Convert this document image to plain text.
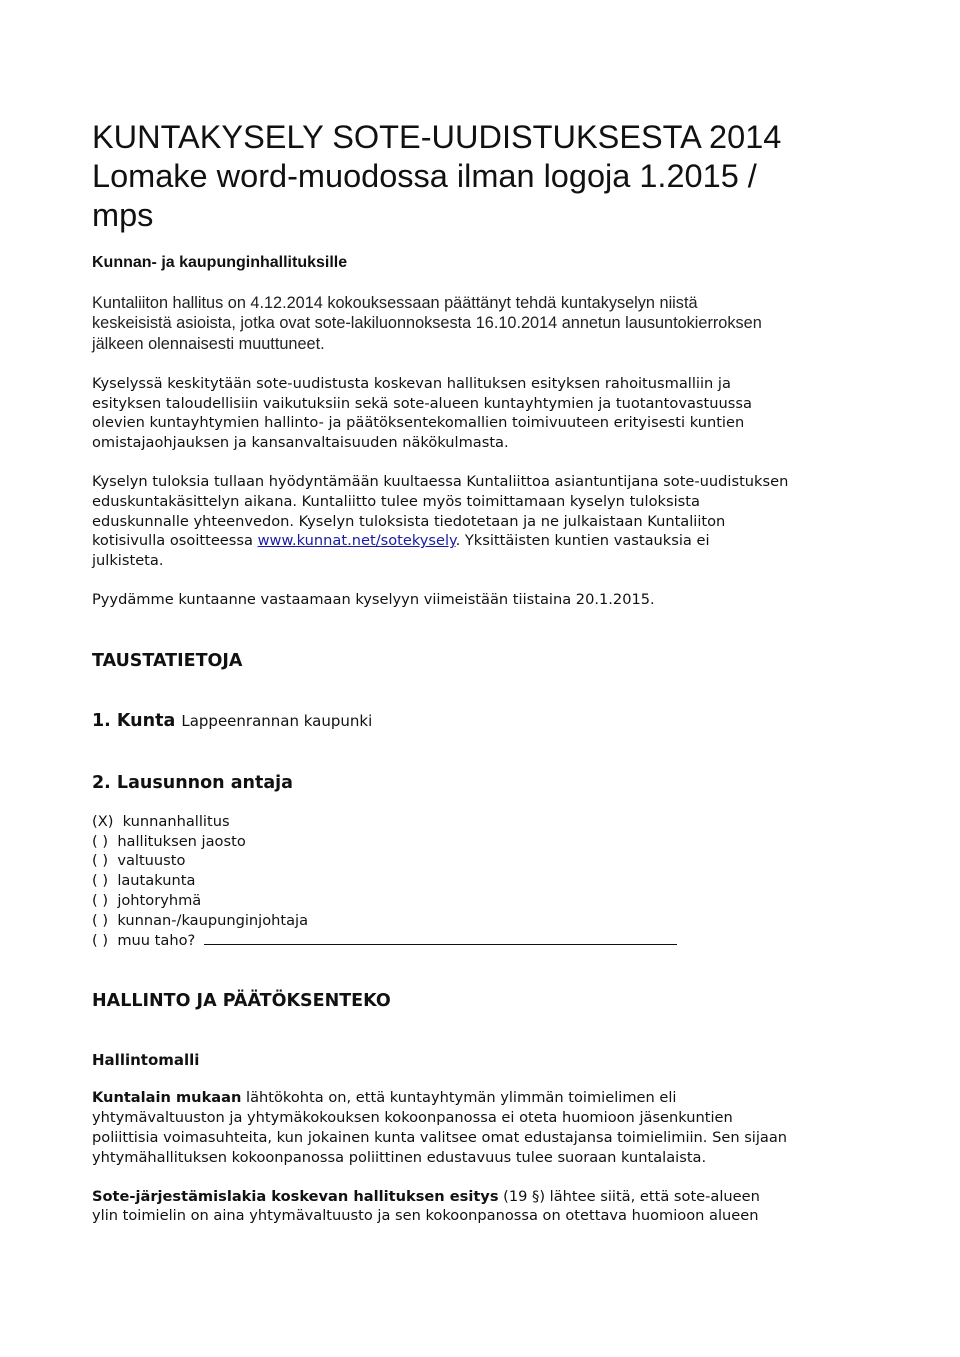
KUNTAKYSELY SOTE-UUDISTUKSESTA 2014
Lomake word-muodossa ilman logoja 1.2015 /
mps

Kunnan- ja kaupunginhallituksille

Kuntaliiton hallitus on 4.12.2014 kokouksessaan päättänyt tehdä kuntakyselyn niistä
keskeisistä asioista, jotka ovat sote-lakiluonnoksesta 16.10.2014 annetun lausuntokierroksen
jälkeen olennaisesti muuttuneet.

Kyselyssä keskitytään sote-uudistusta koskevan hallituksen esityksen rahoitusmalliin ja
esityksen taloudellisiin vaikutuksiin sekä sote-alueen kuntayhtymien ja tuotantovastuussa
olevien kuntayhtymien hallinto- ja päätöksentekomallien toimivuuteen erityisesti kuntien
omistajaohjauksen ja kansanvaltaisuuden näkökulmasta.

Kyselyn tuloksia tullaan hyödyntämään kuultaessa Kuntaliittoa asiantuntijana sote-uudistuksen
eduskuntakäsittelyn aikana. Kuntaliitto tulee myös toimittamaan kyselyn tuloksista
eduskunnalle yhteenvedon. Kyselyn tuloksista tiedotetaan ja ne julkaistaan Kuntaliiton
kotisivulla osoitteessa www.kunnat.net/sotekysely. Yksittäisten kuntien vastauksia ei
julkisteta.

Pyydämme kuntaanne vastaamaan kyselyyn viimeistään tiistaina 20.1.2015.

TAUSTATIETOJA

1. Kunta Lappeenrannan kaupunki

2. Lausunnon antaja
(X) kunnanhallitus
( ) hallituksen jaosto
( ) valtuusto
( ) lautakunta
( ) johtoryhmä
( ) kunnan-/kaupunginjohtaja
( ) muu taho?
HALLINTO JA PÄÄTÖKSENTEKO
Hallintomalli

Kuntalain mukaan lähtökohta on, että kuntayhtymän ylimmän toimielimen eli
yhtymävaltuuston ja yhtymäkokouksen kokoonpanossa ei oteta huomioon jäsenkuntien
poliittisia voimasuhteita, kun jokainen kunta valitsee omat edustajansa toimielimiin. Sen sijaan
yhtymähallituksen kokoonpanossa poliittinen edustavuus tulee suoraan kuntalaista.

Sote-järjestämislakia koskevan hallituksen esitys (19 §) lähtee siitä, että sote-alueen
ylin toimielin on aina yhtymävaltuusto ja sen kokoonpanossa on otettava huomioon alueen
